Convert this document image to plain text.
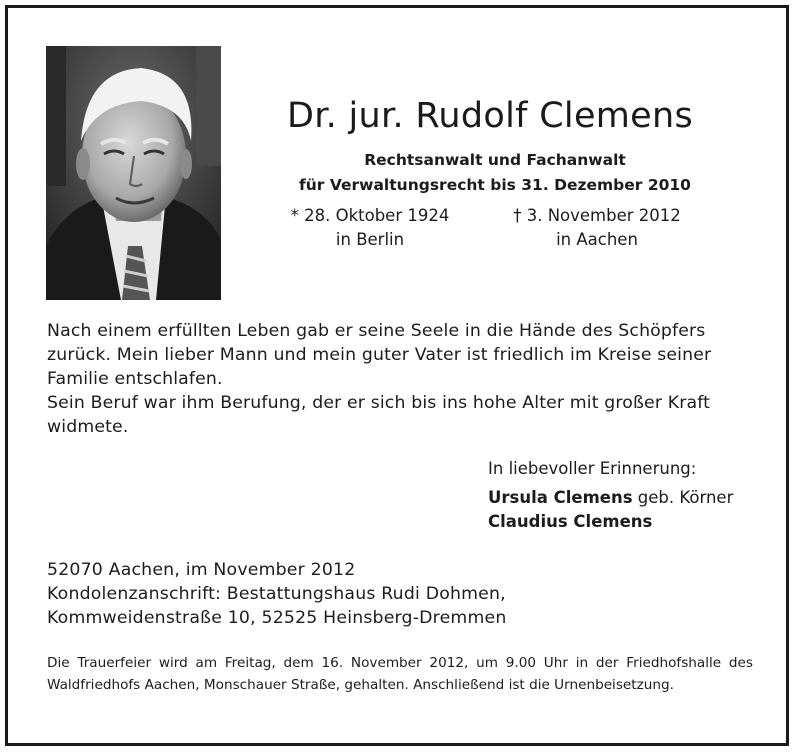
Dr. jur. Rudolf Clemens
Rechtsanwalt und Fachanwalt
für Verwaltungsrecht bis 31. Dezember 2010
* 28. Oktober 1924
in Berlin
† 3. November 2012
in Aachen

Nach einem erfüllten Leben gab er seine Seele in die Hände des Schöpfers zurück. Mein lieber Mann und mein guter Vater ist friedlich im Kreise seiner Familie entschlafen.

Sein Beruf war ihm Berufung, der er sich bis ins hohe Alter mit großer Kraft widmete.

In liebevoller Erinnerung:
Ursula Clemens geb. Körner
Claudius Clemens
52070 Aachen, im November 2012
Kondolenzanschrift: Bestattungshaus Rudi Dohmen,
Kommweidenstraße 10, 52525 Heinsberg-Dremmen

Die Trauerfeier wird am Freitag, dem 16. November 2012, um 9.00 Uhr in der Friedhofshalle des Waldfriedhofs Aachen, Monschauer Straße, gehalten. Anschließend ist die Urnenbeisetzung.
